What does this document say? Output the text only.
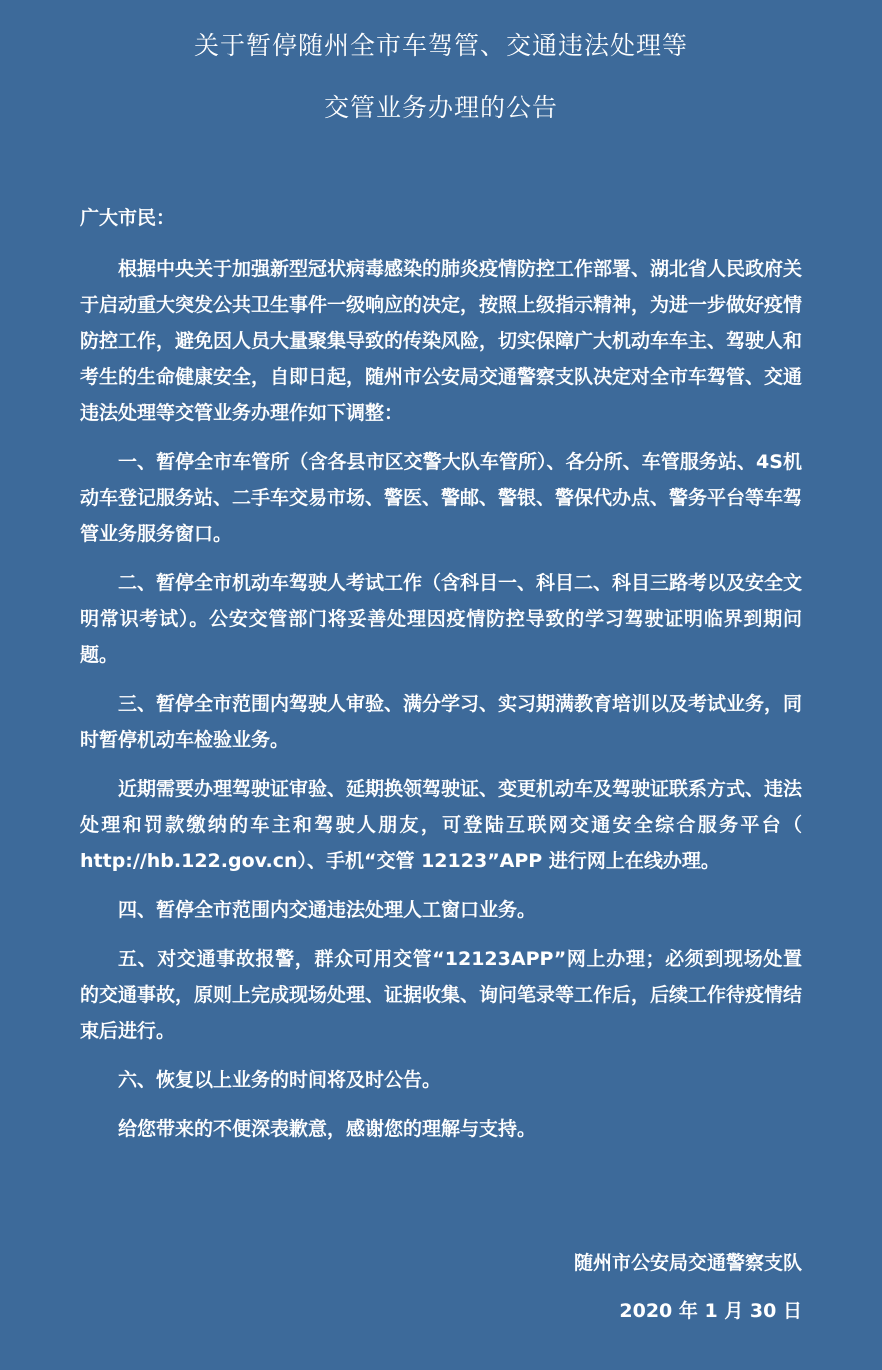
关于暂停随州全市车驾管、交通违法处理等
交管业务办理的公告

广大市民：

根据中央关于加强新型冠状病毒感染的肺炎疫情防控工作部署、湖北省人民政府关于启动重大突发公共卫生事件一级响应的决定，按照上级指示精神，为进一步做好疫情防控工作，避免因人员大量聚集导致的传染风险，切实保障广大机动车车主、驾驶人和考生的生命健康安全，自即日起，随州市公安局交通警察支队决定对全市车驾管、交通违法处理等交管业务办理作如下调整：

一、暂停全市车管所（含各县市区交警大队车管所）、各分所、车管服务站、4S机动车登记服务站、二手车交易市场、警医、警邮、警银、警保代办点、警务平台等车驾管业务服务窗口。

二、暂停全市机动车驾驶人考试工作（含科目一、科目二、科目三路考以及安全文明常识考试）。公安交管部门将妥善处理因疫情防控导致的学习驾驶证明临界到期问题。

三、暂停全市范围内驾驶人审验、满分学习、实习期满教育培训以及考试业务，同时暂停机动车检验业务。

近期需要办理驾驶证审验、延期换领驾驶证、变更机动车及驾驶证联系方式、违法处理和罚款缴纳的车主和驾驶人朋友，可登陆互联网交通安全综合服务平台（ http://hb.122.gov.cn）、手机“交管 12123”APP 进行网上在线办理。

四、暂停全市范围内交通违法处理人工窗口业务。

五、对交通事故报警，群众可用交管“12123APP”网上办理；必须到现场处置的交通事故，原则上完成现场处理、证据收集、询问笔录等工作后，后续工作待疫情结束后进行。

六、恢复以上业务的时间将及时公告。

给您带来的不便深表歉意，感谢您的理解与支持。

随州市公安局交通警察支队

2020 年 1 月 30 日
